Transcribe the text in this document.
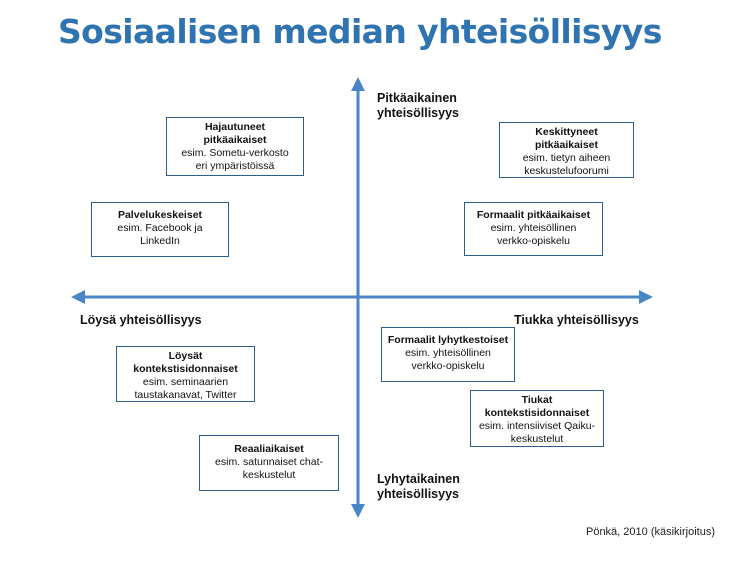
Sosiaalisen median yhteisöllisyys
Pitkäaikainen
yhteisöllisyys
Lyhytaikainen
yhteisöllisyys
Löysä yhteisöllisyys	Tiukka yhteisöllisyys
Hajautuneet
pitkäaikaiset
esim. Sometu-verkosto
eri ympäristöissä
Keskittyneet
pitkäaikaiset
esim. tietyn aiheen
keskustelufoorumi
Palvelukeskeiset
esim. Facebook ja
LinkedIn
Formaalit pitkäaikaiset
esim. yhteisöllinen
verkko-opiskelu
Formaalit lyhytkestoiset
esim. yhteisöllinen
verkko-opiskelu
Löysät
kontekstisidonnaiset
esim. seminaarien
taustakanavat, Twitter	Tiukat
kontekstisidonnaiset
esim. intensiiviset Qaiku-
keskustelut
Reaaliaikaiset
esim. satunnaiset chat-
keskustelut
Pönkä, 2010 (käsikirjoitus)
